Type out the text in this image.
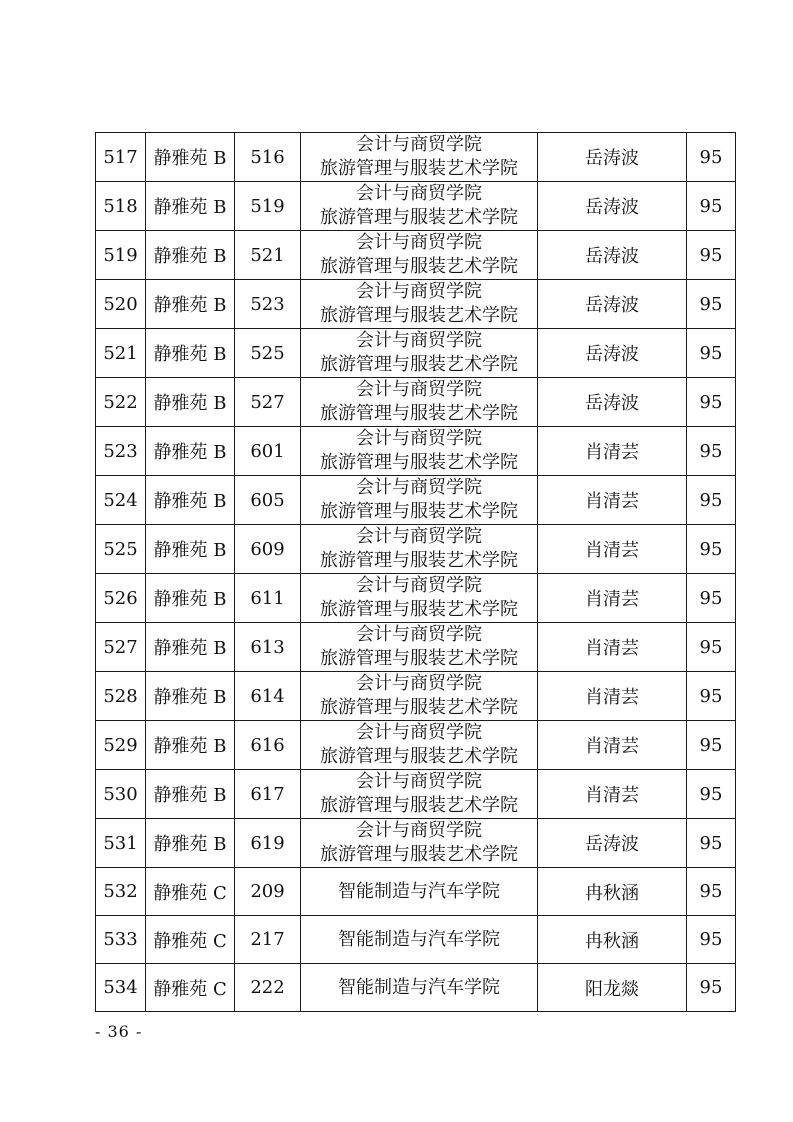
517	静雅苑 B	516	会计与商贸学院
旅游管理与服装艺术学院	岳涛波	95
518	静雅苑 B	519	会计与商贸学院
旅游管理与服装艺术学院	岳涛波	95
519	静雅苑 B	521	会计与商贸学院
旅游管理与服装艺术学院	岳涛波	95
520	静雅苑 B	523	会计与商贸学院
旅游管理与服装艺术学院	岳涛波	95
521	静雅苑 B	525	会计与商贸学院
旅游管理与服装艺术学院	岳涛波	95
522	静雅苑 B	527	会计与商贸学院
旅游管理与服装艺术学院	岳涛波	95
523	静雅苑 B	601	会计与商贸学院
旅游管理与服装艺术学院	肖清芸	95
524	静雅苑 B	605	会计与商贸学院
旅游管理与服装艺术学院	肖清芸	95
525	静雅苑 B	609	会计与商贸学院
旅游管理与服装艺术学院	肖清芸	95
526	静雅苑 B	611	会计与商贸学院
旅游管理与服装艺术学院	肖清芸	95
527	静雅苑 B	613	会计与商贸学院
旅游管理与服装艺术学院	肖清芸	95
528	静雅苑 B	614	会计与商贸学院
旅游管理与服装艺术学院	肖清芸	95
529	静雅苑 B	616	会计与商贸学院
旅游管理与服装艺术学院	肖清芸	95
530	静雅苑 B	617	会计与商贸学院
旅游管理与服装艺术学院	肖清芸	95
531	静雅苑 B	619	会计与商贸学院
旅游管理与服装艺术学院	岳涛波	95
532	静雅苑 C	209	智能制造与汽车学院	冉秋涵	95
533	静雅苑 C	217	智能制造与汽车学院	冉秋涵	95
534	静雅苑 C	222	智能制造与汽车学院	阳龙燚	95
- 36 -
